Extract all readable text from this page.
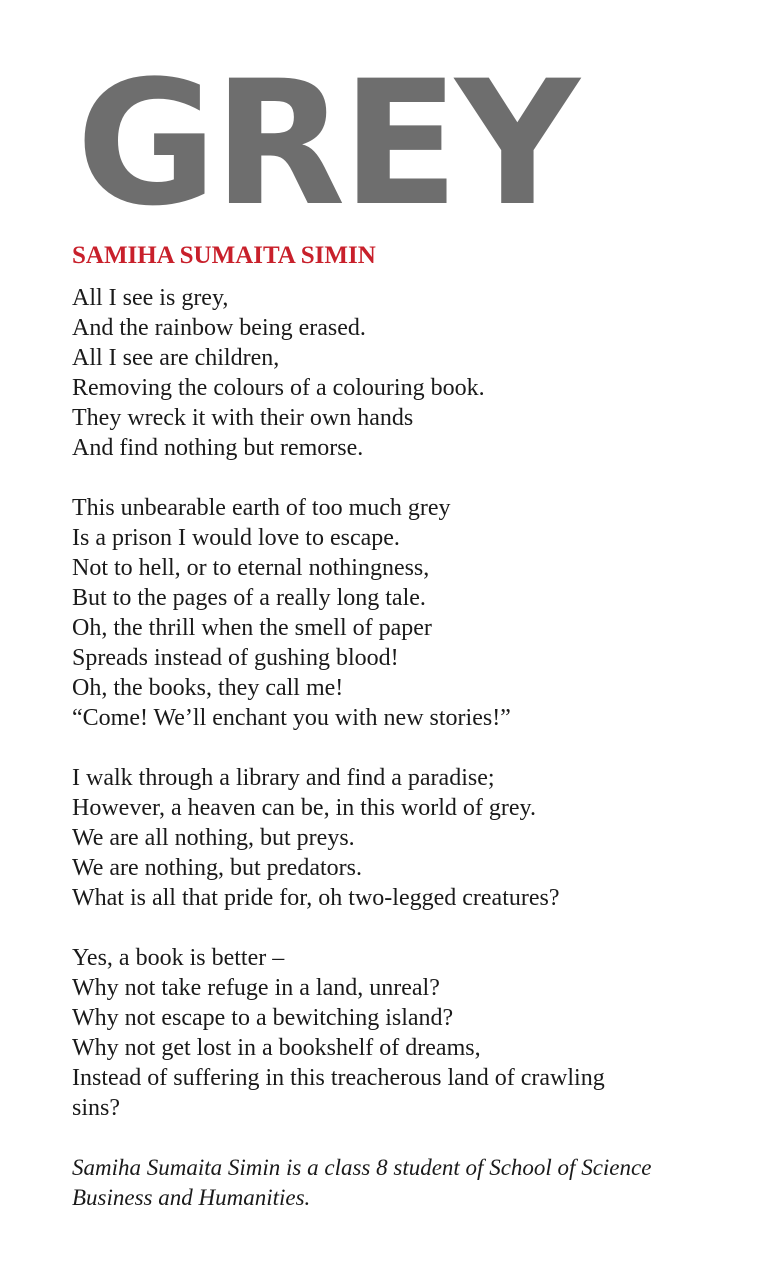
GREY
SAMIHA SUMAITA SIMIN
All I see is grey,
And the rainbow being erased.
All I see are children,
Removing the colours of a colouring book.
They wreck it with their own hands
And find nothing but remorse.
This unbearable earth of too much grey
Is a prison I would love to escape.
Not to hell, or to eternal nothingness,
But to the pages of a really long tale.
Oh, the thrill when the smell of paper
Spreads instead of gushing blood!
Oh, the books, they call me!
“Come! We’ll enchant you with new stories!”
I walk through a library and find a paradise;
However, a heaven can be, in this world of grey.
We are all nothing, but preys.
We are nothing, but predators.
What is all that pride for, oh two-legged creatures?
Yes, a book is better –
Why not take refuge in a land, unreal?
Why not escape to a bewitching island?
Why not get lost in a bookshelf of dreams,
Instead of suffering in this treacherous land of crawling
sins?

Samiha Sumaita Simin is a class 8 student of School of Science
Business and Humanities.
